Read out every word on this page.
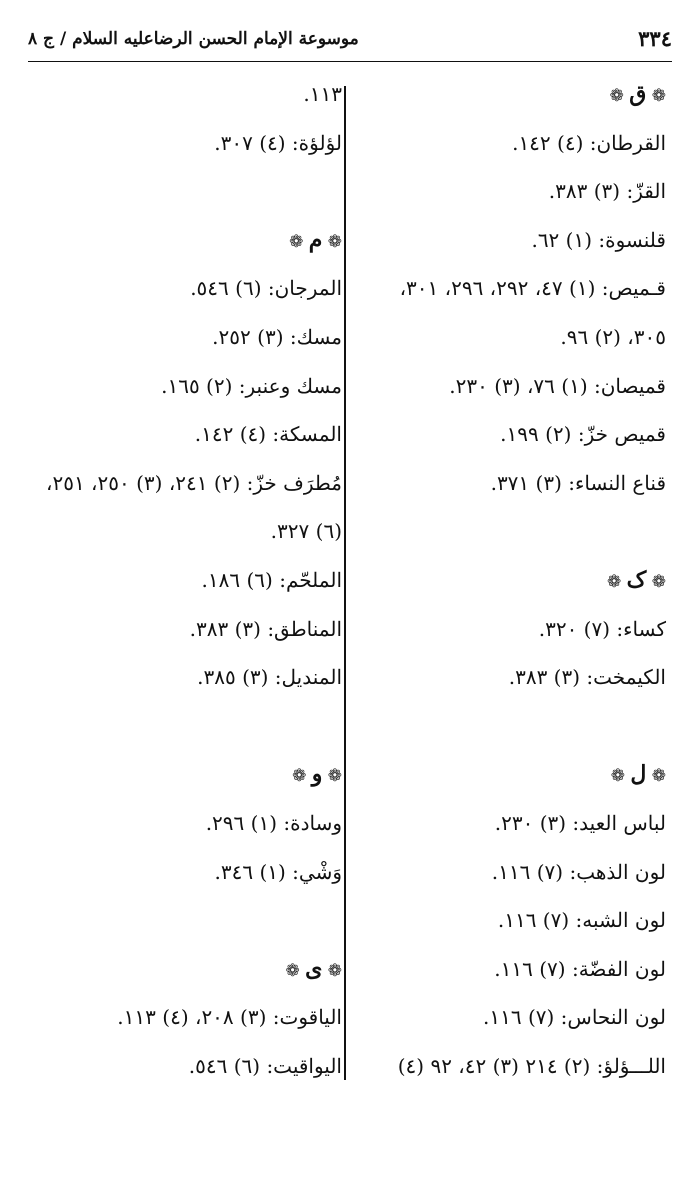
٣٣٤
موسوعة الإمام الحسن الرضاعليه السلام / ج ٨
❁ ق ❁
القرطان: (٤) ١٤٢.
القزّ: (٣) ٣٨٣.
قلنسوة: (١) ٦٢.
قـميص: (١) ٤٧، ٢٩٢، ٢٩٦، ٣٠١،
٣٠٥، (٢) ٩٦.
قميصان: (١) ٧٦، (٣) ٢٣٠.
قميص خزّ: (٢) ١٩٩.
قناع النساء: (٣) ٣٧١.
❁ ک ❁
كساء: (٧) ٣٢٠.
الكيمخت: (٣) ٣٨٣.
❁ ل ❁
لباس العيد: (٣) ٢٣٠.
لون الذهب: (٧) ١١٦.
لون الشبه: (٧) ١١٦.
لون الفضّة: (٧) ١١٦.
لون النحاس: (٧) ١١٦.
اللـــؤلؤ: (٢) ٢١٤ (٣) ٤٢، ٩٢ (٤)
١١٣.
لؤلؤة: (٤) ٣٠٧.
❁ م ❁
المرجان: (٦) ٥٤٦.
مسك: (٣) ٢٥٢.
مسك وعنبر: (٢) ١٦٥.
المسكة: (٤) ١٤٢.
مُطرَف خزّ: (٢) ٢٤١، (٣) ٢٥٠، ٢٥١،
(٦) ٣٢٧.
الملحّم: (٦) ١٨٦.
المناطق: (٣) ٣٨٣.
المنديل: (٣) ٣٨٥.
❁ و ❁
وسادة: (١) ٢٩٦.
وَشْي: (١) ٣٤٦.
❁ ى ❁
الياقوت: (٣) ٢٠٨، (٤) ١١٣.
اليواقيت: (٦) ٥٤٦.
